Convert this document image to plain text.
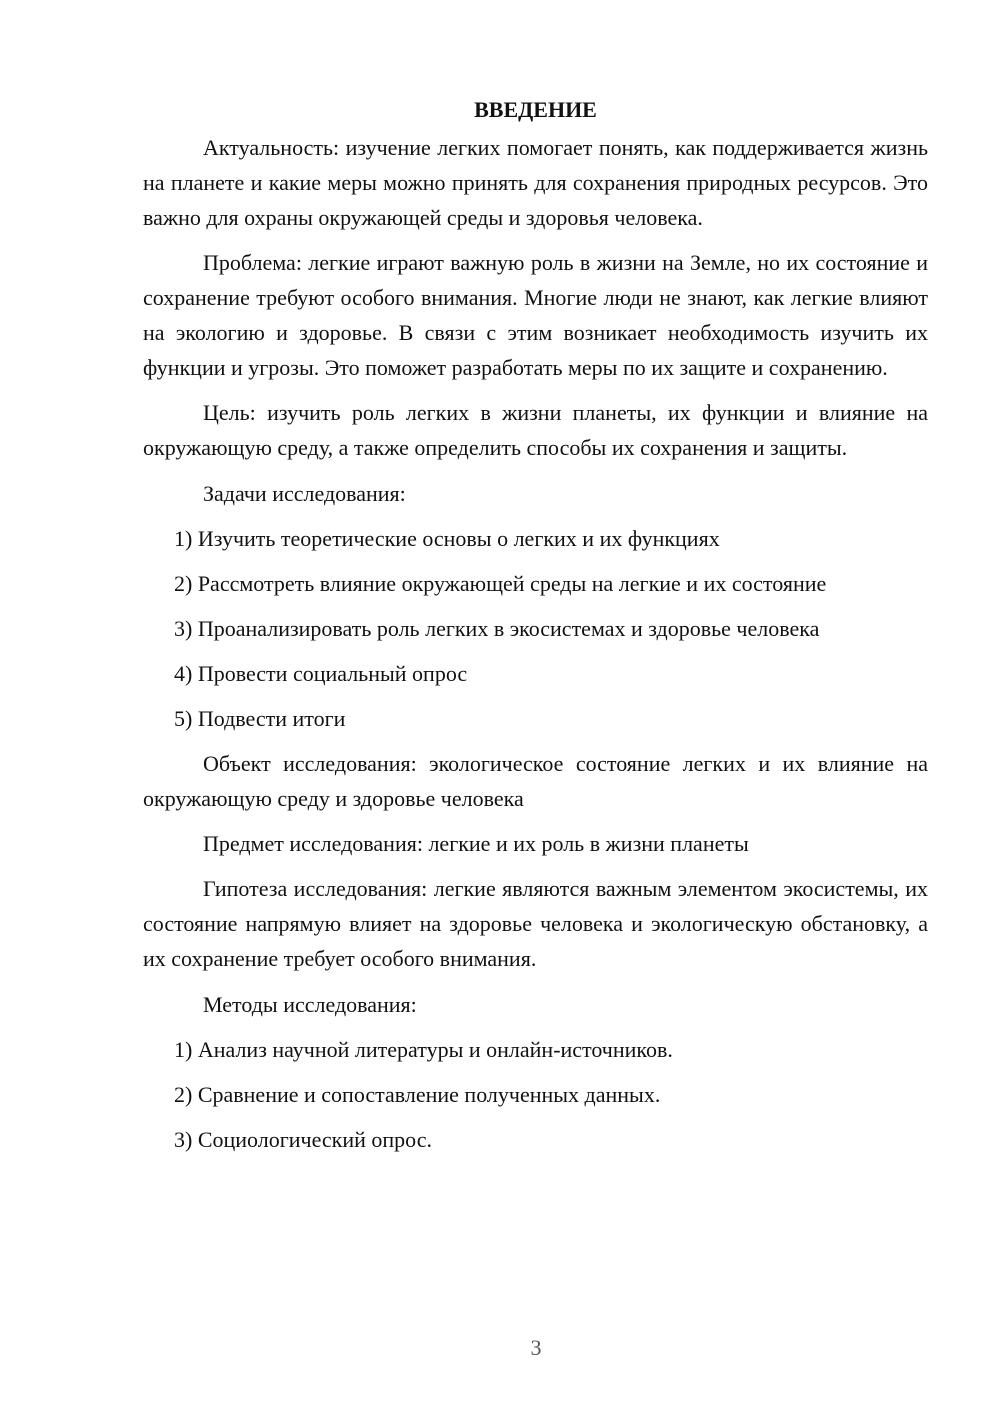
ВВЕДЕНИЕ

Актуальность: изучение легких помогает понять, как поддерживается жизнь на планете и какие меры можно принять для сохранения природных ресурсов. Это важно для охраны окружающей среды и здоровья человека.

Проблема: легкие играют важную роль в жизни на Земле, но их состояние и сохранение требуют особого внимания. Многие люди не знают, как легкие влияют на экологию и здоровье. В связи с этим возникает необходимость изучить их функции и угрозы. Это поможет разработать меры по их защите и сохранению.

Цель: изучить роль легких в жизни планеты, их функции и влияние на окружающую среду, а также определить способы их сохранения и защиты.

Задачи исследования:

1) Изучить теоретические основы о легких и их функциях

2) Рассмотреть влияние окружающей среды на легкие и их состояние

3) Проанализировать роль легких в экосистемах и здоровье человека

4) Провести социальный опрос

5) Подвести итоги

Объект исследования: экологическое состояние легких и их влияние на окружающую среду и здоровье человека

Предмет исследования: легкие и их роль в жизни планеты

Гипотеза исследования: легкие являются важным элементом экосистемы, их состояние напрямую влияет на здоровье человека и экологическую обстановку, а их сохранение требует особого внимания.

Методы исследования:

1) Анализ научной литературы и онлайн-источников.

2) Сравнение и сопоставление полученных данных.

3) Социологический опрос.

3
